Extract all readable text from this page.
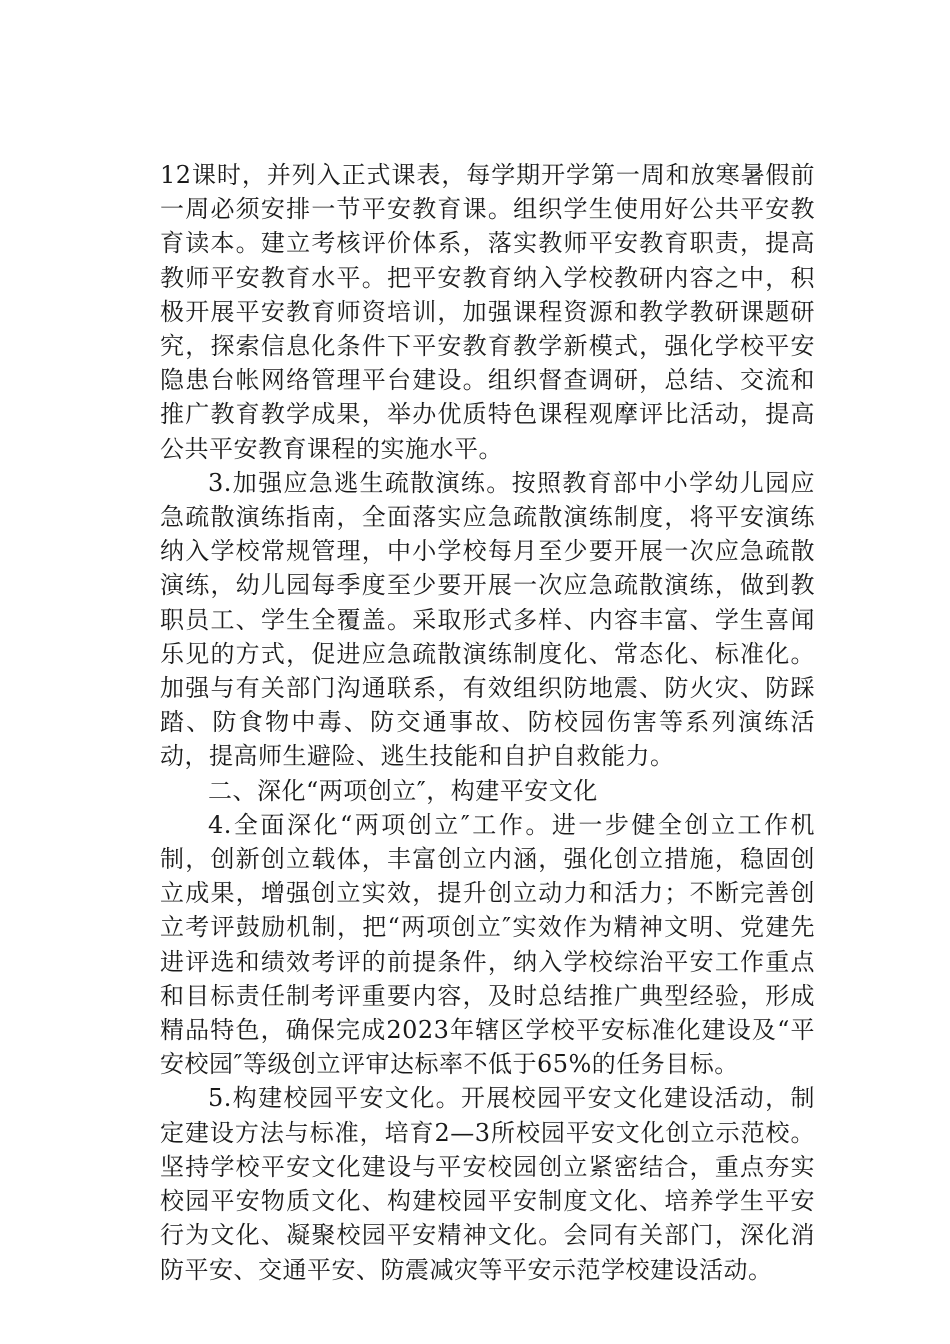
12课时，并列入正式课表，每学期开学第一周和放寒暑假前一周必须安排一节平安教育课。组织学生使用好公共平安教育读本。建立考核评价体系，落实教师平安教育职责，提高教师平安教育水平。把平安教育纳入学校教研内容之中，积极开展平安教育师资培训，加强课程资源和教学教研课题研究，探索信息化条件下平安教育教学新模式，强化学校平安隐患台帐网络管理平台建设。组织督查调研，总结、交流和推广教育教学成果，举办优质特色课程观摩评比活动，提高公共平安教育课程的实施水平。

3.加强应急逃生疏散演练。按照教育部中小学幼儿园应急疏散演练指南，全面落实应急疏散演练制度，将平安演练纳入学校常规管理，中小学校每月至少要开展一次应急疏散演练，幼儿园每季度至少要开展一次应急疏散演练，做到教职员工、学生全覆盖。采取形式多样、内容丰富、学生喜闻乐见的方式，促进应急疏散演练制度化、常态化、标准化。加强与有关部门沟通联系，有效组织防地震、防火灾、防踩踏、防食物中毒、防交通事故、防校园伤害等系列演练活动，提高师生避险、逃生技能和自护自救能力。

二、深化“两项创立″，构建平安文化

4.全面深化“两项创立″工作。进一步健全创立工作机制，创新创立载体，丰富创立内涵，强化创立措施，稳固创立成果，增强创立实效，提升创立动力和活力；不断完善创立考评鼓励机制，把“两项创立″实效作为精神文明、党建先进评选和绩效考评的前提条件，纳入学校综治平安工作重点和目标责任制考评重要内容，及时总结推广典型经验，形成精品特色，确保完成2023年辖区学校平安标准化建设及“平安校园″等级创立评审达标率不低于65%的任务目标。

5.构建校园平安文化。开展校园平安文化建设活动，制定建设方法与标准，培育2—3所校园平安文化创立示范校。坚持学校平安文化建设与平安校园创立紧密结合，重点夯实校园平安物质文化、构建校园平安制度文化、培养学生平安行为文化、凝聚校园平安精神文化。会同有关部门，深化消防平安、交通平安、防震减灾等平安示范学校建设活动。
